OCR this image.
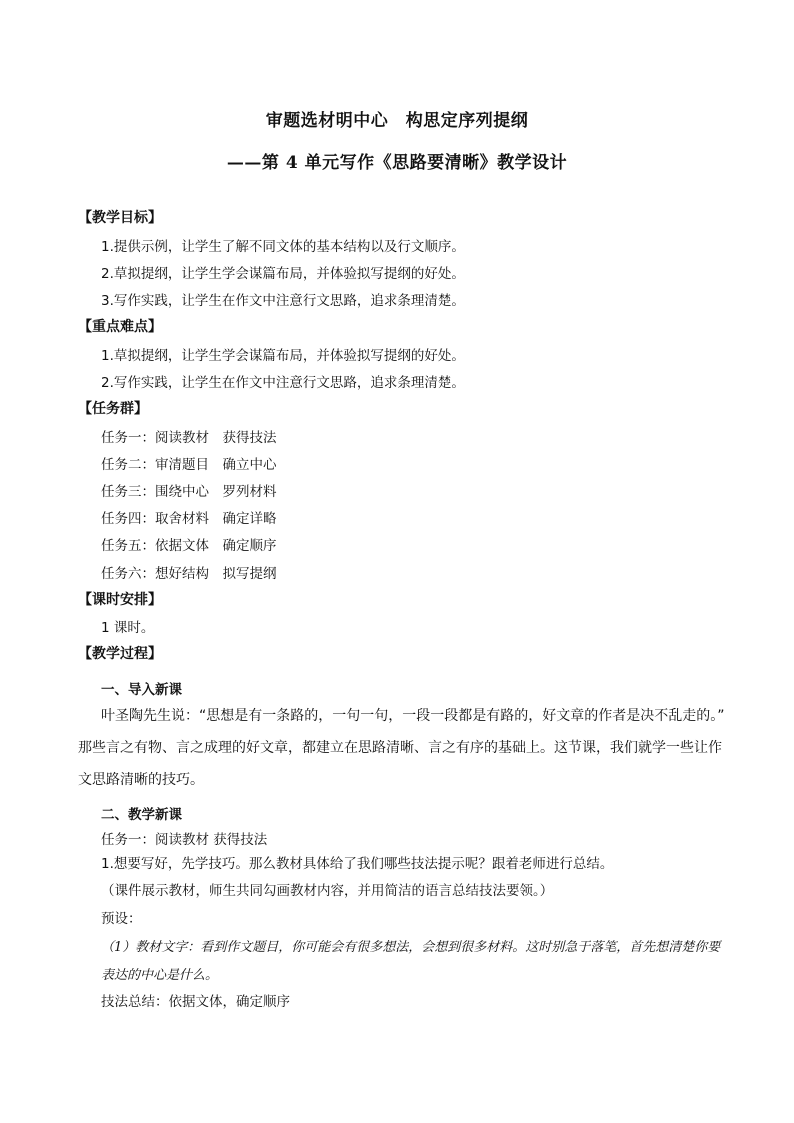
审题选材明中心　构思定序列提纲
——第 4 单元写作《思路要清晰》教学设计
【教学目标】
1.提供示例，让学生了解不同文体的基本结构以及行文顺序。
2.草拟提纲，让学生学会谋篇布局，并体验拟写提纲的好处。
3.写作实践，让学生在作文中注意行文思路，追求条理清楚。
【重点难点】
1.草拟提纲，让学生学会谋篇布局，并体验拟写提纲的好处。
2.写作实践，让学生在作文中注意行文思路，追求条理清楚。
【任务群】
任务一：阅读教材　获得技法
任务二：审清题目　确立中心
任务三：围绕中心　罗列材料
任务四：取舍材料　确定详略
任务五：依据文体　确定顺序
任务六：想好结构　拟写提纲
【课时安排】
1 课时。
【教学过程】
一、导入新课
叶圣陶先生说：“思想是有一条路的，一句一句，一段一段都是有路的，好文章的作者是决不乱走的。”
那些言之有物、言之成理的好文章，都建立在思路清晰、言之有序的基础上。这节课，我们就学一些让作
文思路清晰的技巧。
二、教学新课
任务一：阅读教材 获得技法
1.想要写好，先学技巧。那么教材具体给了我们哪些技法提示呢？跟着老师进行总结。
（课件展示教材，师生共同勾画教材内容，并用简洁的语言总结技法要领。）
预设：
（1）教材文字：看到作文题目，你可能会有很多想法，会想到很多材料。这时别急于落笔，首先想清楚你要表达的中心是什么。
技法总结：依据文体，确定顺序
